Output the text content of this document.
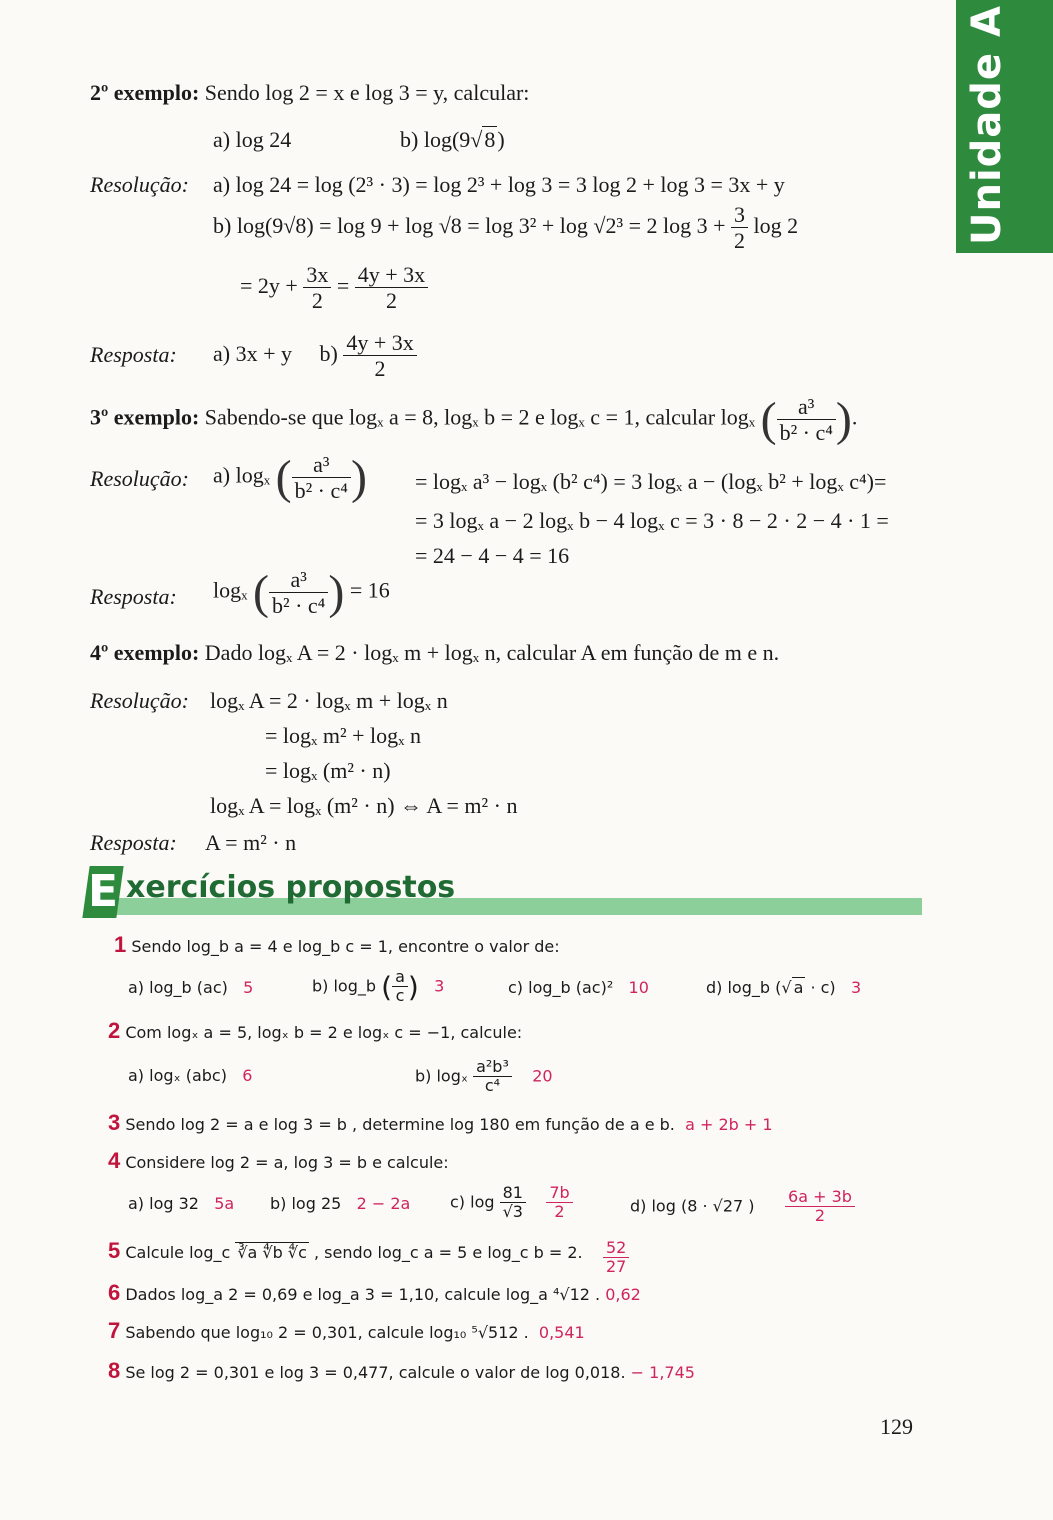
Unidade A
2º exemplo: Sendo log 2 = x e log 3 = y, calcular:
a) log 24	b) log(9√8)
Resolução: a) log 24 = log (2³ · 3) = log 2³ + log 3 = 3 log 2 + log 3 = 3x + y
b) log(9√8) = log 9 + log √8 = log 3² + log √2³ = 2 $\log 3 + \frac{3}{2}$ log 2
= $2y + \frac{3x}{2} = \frac{4y + 3x}{2}$
Resposta: a) 3x + y $b) \frac{4y + 3x}{2}$
3º exemplo: Sabendo-se que logₓ a = 8, logₓ b = 2 e logₓ c = 1, calcular logₓ ( $\frac{\text{a³}}{\text{b² · c⁴}}$ ).
Resolução: a) logₓ ( $\frac{\text{a³}}{\text{b² · c⁴}}$ ) = logₓ a³ − logₓ (b² c⁴) = 3 logₓ a − (logₓ b² + logₓ c⁴)=
= 3 logₓ a − 2 logₓ b − 4 logₓ c = 3 · 8 − 2 · 2 − 4 · 1 =
= 24 − 4 − 4 = 16
Resposta: logₓ ( $\frac{\text{a³}}{\text{b² · c⁴}}$ ) = 16
4º exemplo: Dado logₓ A = 2 · logₓ m + logₓ n, calcular A em função de m e n.
Resolução: logₓ A = 2 · logₓ m + logₓ n
= logₓ m² + logₓ n
= logₓ (m² · n)
logₓ A = logₓ (m² · n) ⇔ A = m² · n
Resposta: A = m² · n
E xercícios propostos
1 Sendo log_b a = 4 e log_b c = 1, encontre o valor de:
a) log_b (ac) 5	b) log_b ( $\frac{a}{c}$ ) 3	c) log_b (ac)² 10	d) log_b (√ a · c) 3
2 Com logₓ a = 5, logₓ b = 2 e logₓ c = −1, calcule:
a) logₓ (abc) 6	b) logₓ $\frac{\text{a²b³}}{\text{c⁴}} 20$
3 Sendo log 2 = a e log 3 = b , determine log 180 em função de a e b. a + 2b + 1
4 Considere log 2 = a, log 3 = b e calcule:
a) log 32 5a b) log 25 2 − 2a c) $\log \frac{81}{√3}$
$\frac{7b}{2}$	d) log (8 · √27 ) $\frac{6a + 3b}{2}$
5 Calcule log_c ∛a ∜b ∜c , sendo log_c a = 5 e log_c b = 2. $\frac{52}{27}$
6 Dados log_a 2 = 0,69 e log_a 3 = 1,10, calcule log_a ⁴√12 . 0,62
7 Sabendo que log₁₀ 2 = 0,301, calcule log₁₀ ⁵√512 . 0,541
8 Se log 2 = 0,301 e log 3 = 0,477, calcule o valor de log 0,018. − 1,745
129
